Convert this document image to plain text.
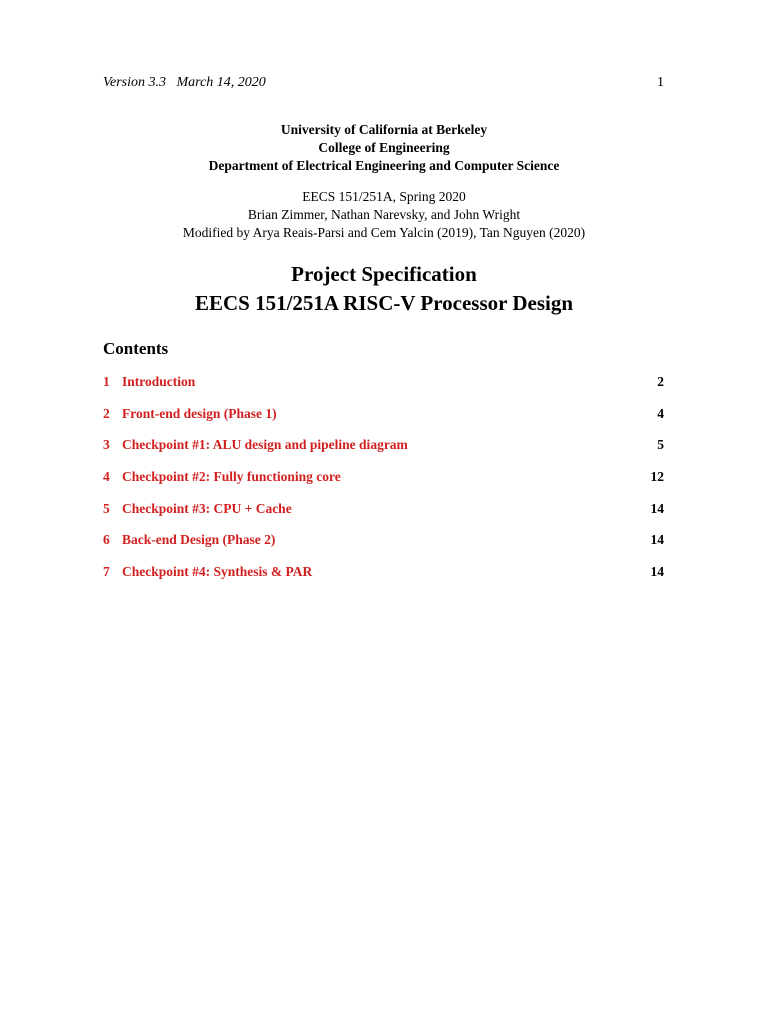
Version 3.3 March 14, 2020	1
University of California at Berkeley
College of Engineering
Department of Electrical Engineering and Computer Science
EECS 151/251A, Spring 2020
Brian Zimmer, Nathan Narevsky, and John Wright
Modified by Arya Reais-Parsi and Cem Yalcin (2019), Tan Nguyen (2020)
Project Specification
EECS 151/251A RISC-V Processor Design
Contents
1 Introduction	2
2 Front-end design (Phase 1)	4
3 Checkpoint #1: ALU design and pipeline diagram	5
4 Checkpoint #2: Fully functioning core	12
5 Checkpoint #3: CPU + Cache	14
6 Back-end Design (Phase 2)	14
7 Checkpoint #4: Synthesis & PAR	14
